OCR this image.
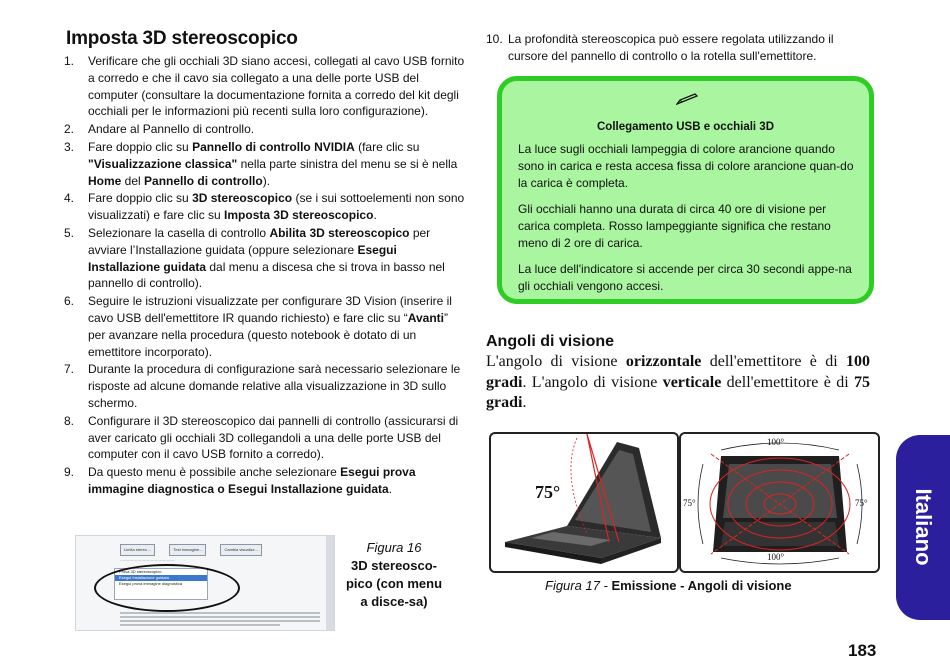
Imposta 3D stereoscopico
1. Verificare che gli occhiali 3D siano accesi, collegati al cavo USB fornito a corredo e che il cavo sia collegato a una delle porte USB del computer (consultare la documentazione fornita a corredo del kit degli occhiali per le informazioni più recenti sulla loro configurazione).
2. Andare al Pannello di controllo.
3. Fare doppio clic su Pannello di controllo NVIDIA (fare clic su "Visualizzazione classica" nella parte sinistra del menu se si è nella Home del Pannello di controllo).
4. Fare doppio clic su 3D stereoscopico (se i sui sottoelementi non sono visualizzati) e fare clic su Imposta 3D stereoscopico.
5. Selezionare la casella di controllo Abilita 3D stereoscopico per avviare l’Installazione guidata (oppure selezionare Esegui Installazione guidata dal menu a discesa che si trova in basso nel pannello di controllo).
6. Seguire le istruzioni visualizzate per configurare 3D Vision (inserire il cavo USB dell'emettitore IR quando richiesto) e fare clic su “Avanti” per avanzare nella procedura (questo notebook è dotato di un emettitore incorporato).
7. Durante la procedura di configurazione sarà necessario selezionare le risposte ad alcune domande relative alla visualizzazione in 3D sullo schermo.
8. Configurare il 3D stereoscopico dai pannelli di controllo (assicurarsi di aver caricato gli occhiali 3D collegandoli a una delle porte USB del computer con il cavo USB fornito a corredo).
9. Da questo menu è possibile anche selezionare Esegui prova immagine diagnostica o Esegui Installazione guidata.
Limita stereo ...	Test immagine...	Cambia visualizz...
·········································
Prova 3D stereoscopico
Esegui Installazione guidata
Esegui prova immagine diagnostica
Figura 16
3D stereosco-pico (con menu a disce-sa)
10. La profondità stereoscopica può essere regolata utilizzando il cursore del pannello di controllo o la rotella sull'emettitore.
Collegamento USB e occhiali 3D

La luce sugli occhiali lampeggia di colore arancione quando sono in carica e resta accesa fissa di colore arancione quan-do la carica è completa.

Gli occhiali hanno una durata di circa 40 ore di visione per carica completa. Rosso lampeggiante significa che restano meno di 2 ore di carica.

La luce dell'indicatore si accende per circa 30 secondi appe-na gli occhiali vengono accesi.

Angoli di visione
L'angolo di visione orizzontale dell'emettitore è di 100 gradi. L'angolo di visione verticale dell'emettitore è di 75 gradi.
75°
100°
100°
75°	75°
Figura 17 - Emissione - Angoli di visione
Italiano
183
